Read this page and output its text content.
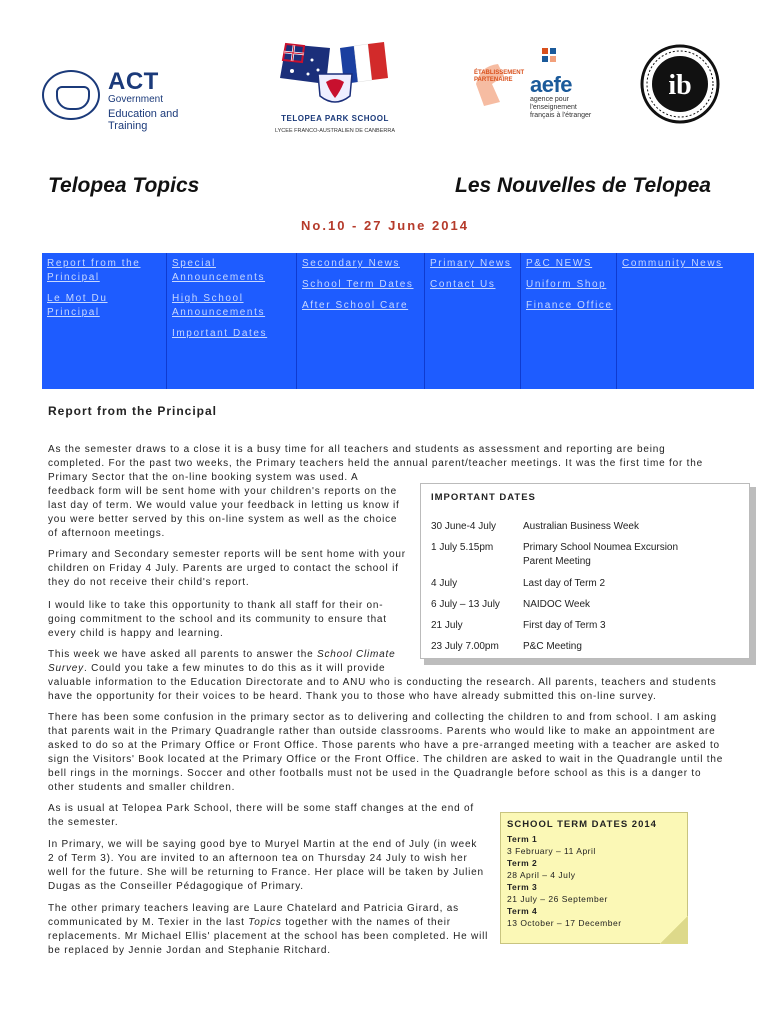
ACT
Government
Education and Training
TELOPEA PARK SCHOOL
LYCEE FRANCO-AUSTRALIEN DE CANBERRA
ÉTABLISSEMENT PARTENAIRE aefe
agence pour l'enseignement français à l'étranger
ib
Telopea Topics	Les Nouvelles de Telopea
No.10 - 27 June 2014
Report from the Principal
Le Mot Du Principal
Special Announcements
High School Announcements
Important Dates
Secondary News
School Term Dates
After School Care
Primary News
Contact Us
P&C NEWS
Uniform Shop
Finance Office
Community News
Report from the Principal
As the semester draws to a close it is a busy time for all teachers and students as assessment and reporting are being
completed. For the past two weeks, the Primary teachers held the annual parent/teacher meetings. It was the first time for the
Primary Sector that the on-line booking system was used. A
feedback form will be sent home with your children's reports on the
last day of term. We would value your feedback in letting us know if
you were better served by this on-line system as well as the choice
of afternoon meetings.
Primary and Secondary semester reports will be sent home with your
children on Friday 4 July. Parents are urged to contact the school if
they do not receive their child's report.
I would like to take this opportunity to thank all staff for their on-
going commitment to the school and its community to ensure that
every child is happy and learning.
This week we have asked all parents to answer the School Climate
Survey. Could you take a few minutes to do this as it will provide
valuable information to the Education Directorate and to ANU who is conducting the research. All parents, teachers and students
have the opportunity for their voices to be heard. Thank you to those who have already submitted this on-line survey.
There has been some confusion in the primary sector as to delivering and collecting the children to and from school. I am asking
that parents wait in the Primary Quadrangle rather than outside classrooms. Parents who would like to make an appointment are
asked to do so at the Primary Office or Front Office. Those parents who have a pre-arranged meeting with a teacher are asked to
sign the Visitors' Book located at the Primary Office or the Front Office. The children are asked to wait in the Quadrangle until the
bell rings in the mornings. Soccer and other footballs must not be used in the Quadrangle before school as this is a danger to
other students and smaller children.
As is usual at Telopea Park School, there will be some staff changes at the end of
the semester.
In Primary, we will be saying good bye to Muryel Martin at the end of July (in week
2 of Term 3). You are invited to an afternoon tea on Thursday 24 July to wish her
well for the future. She will be returning to France. Her place will be taken by Julien
Dugas as the Conseiller Pédagogique of Primary.
The other primary teachers leaving are Laure Chatelard and Patricia Girard, as
communicated by M. Texier in the last Topics together with the names of their
replacements. Mr Michael Ellis' placement at the school has been completed. He will
be replaced by Jennie Jordan and Stephanie Ritchard.
IMPORTANT DATES
30 June-4 July	Australian Business Week
1 July 5.15pm	Primary School Noumea Excursion
Parent Meeting
4 July	Last day of Term 2
6 July – 13 July	NAIDOC Week
21 July	First day of Term 3
23 July 7.00pm	P&C Meeting
SCHOOL TERM DATES 2014
Term 1
3 February – 11 April
Term 2
28 April – 4 July
Term 3
21 July – 26 September
Term 4
13 October – 17 December
